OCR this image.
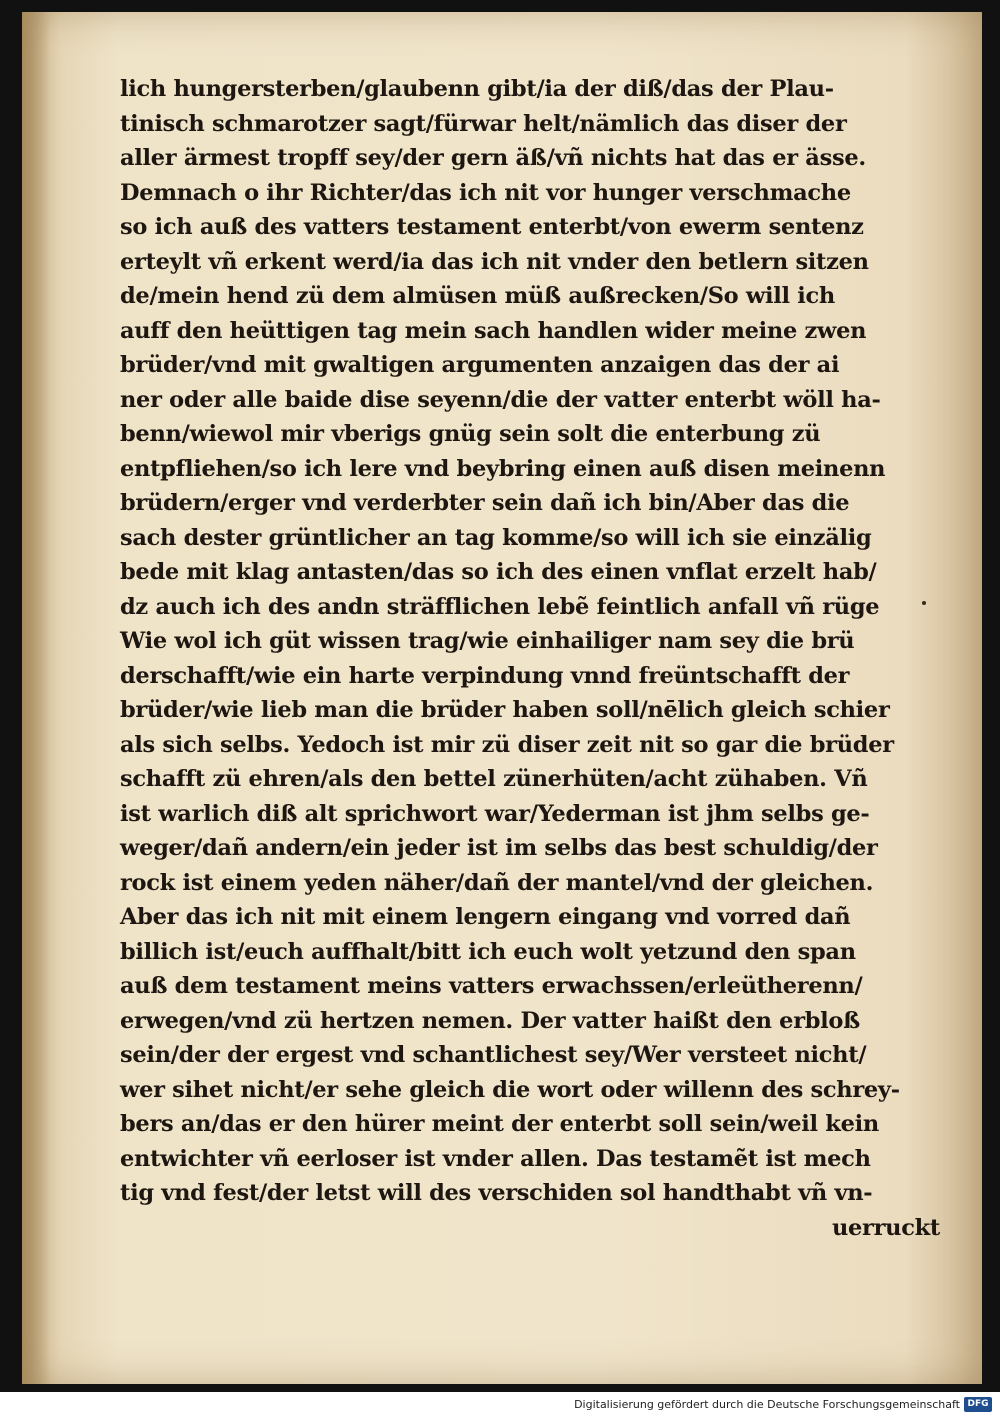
lich hungersterben/glaubenn gibt/ia der diß/das der Plau-
tinisch schmarotzer sagt/fürwar helt/nämlich das diser der
aller ärmest tropff sey/der gern äß/vñ nichts hat das er ässe.
Demnach o ihr Richter/das ich nit vor hunger verschmache
so ich auß des vatters testament enterbt/von ewerm sentenz
erteylt vñ erkent werd/ia das ich nit vnder den betlern sitzen
de/mein hend zü dem almüsen müß außrecken/So will ich
auff den heüttigen tag mein sach handlen wider meine zwen
brüder/vnd mit gwaltigen argumenten anzaigen das der ai
ner oder alle baide dise seyenn/die der vatter enterbt wöll ha-
benn/wiewol mir vberigs gnüg sein solt die enterbung zü
entpfliehen/so ich lere vnd beybring einen auß disen meinenn
brüdern/erger vnd verderbter sein dañ ich bin/Aber das die
sach dester grüntlicher an tag komme/so will ich sie einzälig
bede mit klag antasten/das so ich des einen vnflat erzelt hab/
dz auch ich des andn sträfflichen lebẽ feintlich anfall vñ rüge
Wie wol ich güt wissen trag/wie einhailiger nam sey die brü
derschafft/wie ein harte verpindung vnnd freüntschafft der
brüder/wie lieb man die brüder haben soll/nēlich gleich schier
als sich selbs. Yedoch ist mir zü diser zeit nit so gar die brüder
schafft zü ehren/als den bettel zünerhüten/acht zühaben. Vñ
ist warlich diß alt sprichwort war/Yederman ist jhm selbs ge-
weger/dañ andern/ein jeder ist im selbs das best schuldig/der
rock ist einem yeden näher/dañ der mantel/vnd der gleichen.
Aber das ich nit mit einem lengern eingang vnd vorred dañ
billich ist/euch auffhalt/bitt ich euch wolt yetzund den span
auß dem testament meins vatters erwachssen/erleütherenn/
erwegen/vnd zü hertzen nemen. Der vatter haißt den erbloß
sein/der der ergest vnd schantlichest sey/Wer versteet nicht/
wer sihet nicht/er sehe gleich die wort oder willenn des schrey-
bers an/das er den hürer meint der enterbt soll sein/weil kein
entwichter vñ eerloser ist vnder allen. Das testamẽt ist mech
tig vnd fest/der letst will des verschiden sol handthabt vñ vn-
uerruckt
Digitalisierung gefördert durch die Deutsche Forschungsgemeinschaft DFG
